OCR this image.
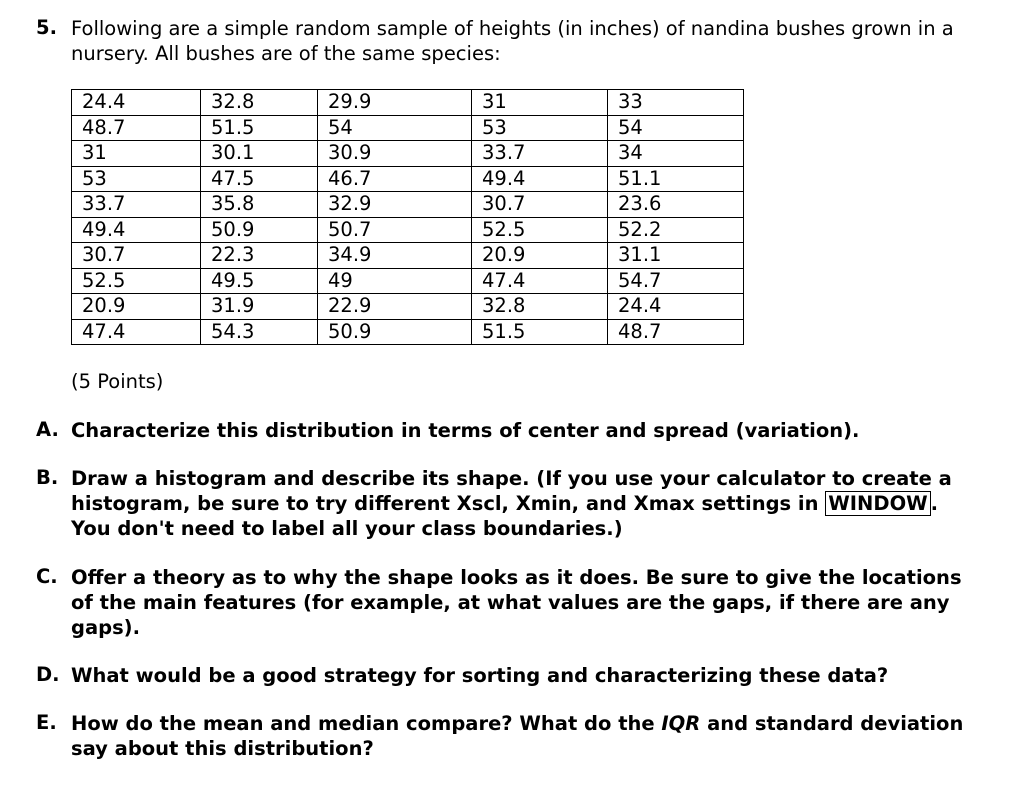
5. Following are a simple random sample of heights (in inches) of nandina bushes grown in a nursery. All bushes are of the same species:
24.4	32.8	29.9	31	33
48.7	51.5	54	53	54
31	30.1	30.9	33.7	34
53	47.5	46.7	49.4	51.1
33.7	35.8	32.9	30.7	23.6
49.4	50.9	50.7	52.5	52.2
30.7	22.3	34.9	20.9	31.1
52.5	49.5	49	47.4	54.7
20.9	31.9	22.9	32.8	24.4
47.4	54.3	50.9	51.5	48.7
(5 Points)
A. Characterize this distribution in terms of center and spread (variation).
B. Draw a histogram and describe its shape. (If you use your calculator to create a histogram, be sure to try different Xscl, Xmin, and Xmax settings in WINDOW . You don't need to label all your class boundaries.)
C. Offer a theory as to why the shape looks as it does. Be sure to give the locations of the main features (for example, at what values are the gaps, if there are any gaps).
D. What would be a good strategy for sorting and characterizing these data?
E. How do the mean and median compare? What do the IQR and standard deviation say about this distribution?
